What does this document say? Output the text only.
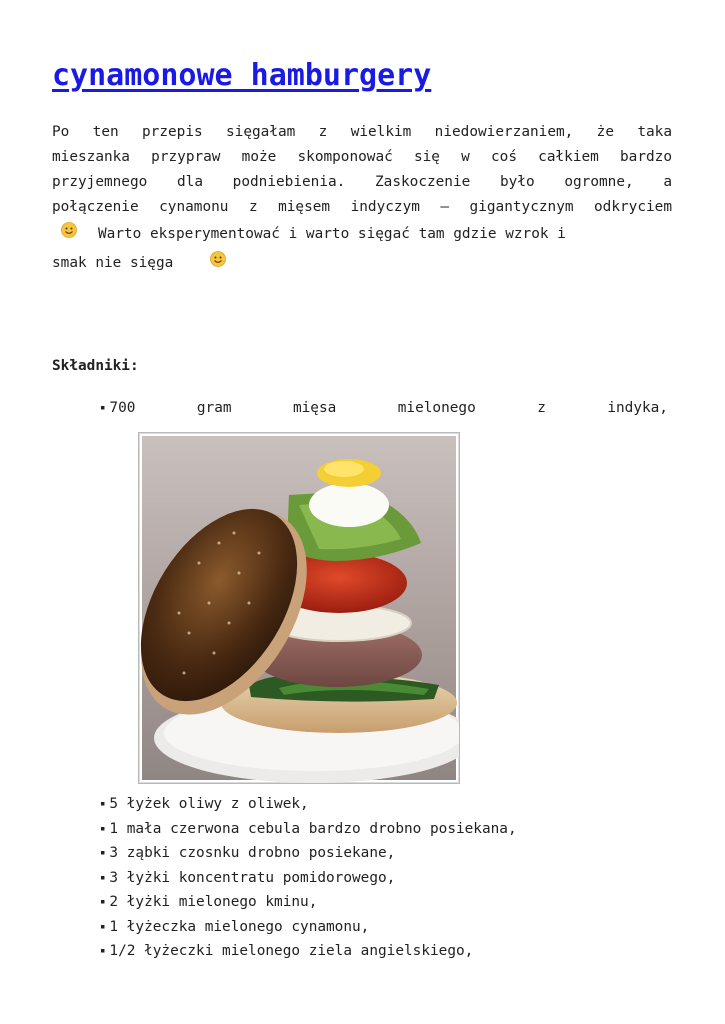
cynamonowe hamburgery
Po ten przepis sięgałam z wielkim niedowierzaniem, że taka
mieszanka przypraw może skomponować się w coś całkiem bardzo
przyjemnego dla podniebienia. Zaskoczenie było ogromne, a
połączenie cynamonu z mięsem indyczym – gigantycznym odkryciem
Warto eksperymentować i warto sięgać tam gdzie wzrok i
smak nie sięga
Składniki:
▪ 700	gram	mięsa	mielonego	z	indyka,
▪ 5 łyżek oliwy z oliwek,
▪ 1 mała czerwona cebula bardzo drobno posiekana,
▪ 3 ząbki czosnku drobno posiekane,
▪ 3 łyżki koncentratu pomidorowego,
▪ 2 łyżki mielonego kminu,
▪ 1 łyżeczka mielonego cynamonu,
▪ 1/2 łyżeczki mielonego ziela angielskiego,
